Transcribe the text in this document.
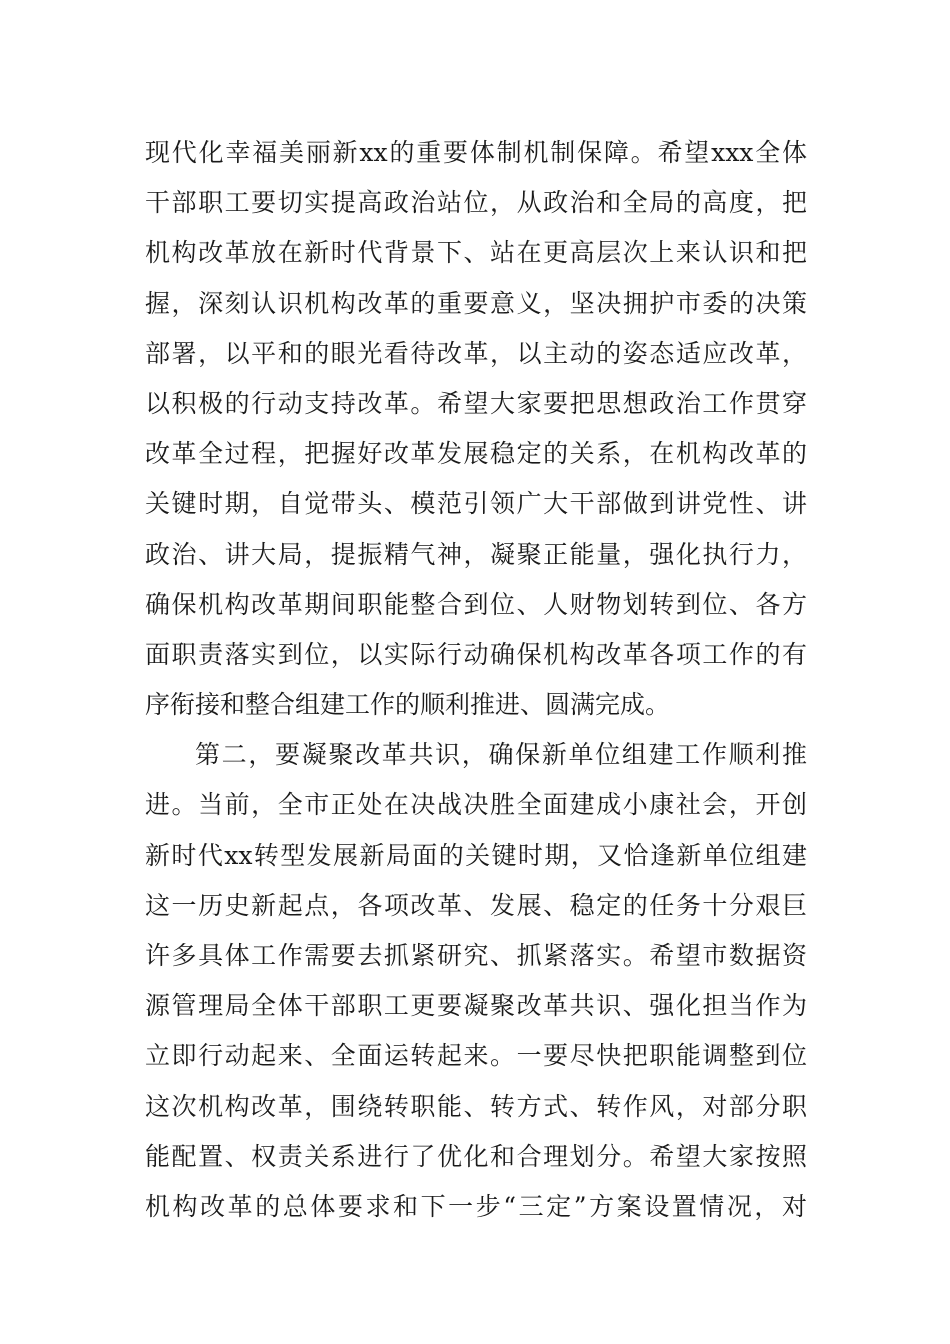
现代化幸福美丽新xx的重要体制机制保障。希望xxx全体
干部职工要切实提高政治站位，从政治和全局的高度，把
机构改革放在新时代背景下、站在更高层次上来认识和把
握，深刻认识机构改革的重要意义，坚决拥护市委的决策
部署，以平和的眼光看待改革，以主动的姿态适应改革，
以积极的行动支持改革。希望大家要把思想政治工作贯穿
改革全过程，把握好改革发展稳定的关系，在机构改革的
关键时期，自觉带头、模范引领广大干部做到讲党性、讲
政治、讲大局，提振精气神，凝聚正能量，强化执行力，
确保机构改革期间职能整合到位、人财物划转到位、各方
面职责落实到位，以实际行动确保机构改革各项工作的有
序衔接和整合组建工作的顺利推进、圆满完成。
第二，要凝聚改革共识，确保新单位组建工作顺利推
进。当前，全市正处在决战决胜全面建成小康社会，开创
新时代xx转型发展新局面的关键时期，又恰逢新单位组建
这一历史新起点，各项改革、发展、稳定的任务十分艰巨
许多具体工作需要去抓紧研究、抓紧落实。希望市数据资
源管理局全体干部职工更要凝聚改革共识、强化担当作为
立即行动起来、全面运转起来。一要尽快把职能调整到位
这次机构改革，围绕转职能、转方式、转作风，对部分职
能配置、权责关系进行了优化和合理划分。希望大家按照
机构改革的总体要求和下一步“三定”方案设置情况，对
